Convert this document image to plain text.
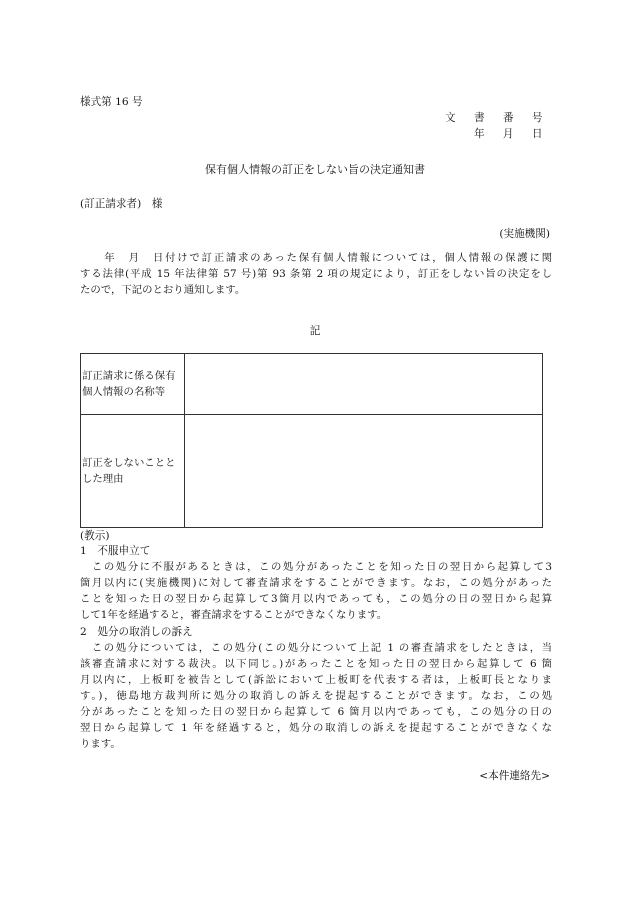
様式第 16 号
文 書 番 号
年 月 日
保有個人情報の訂正をしない旨の決定通知書
(訂正請求者)　様
(実施機関)
　　年　月　日付けで訂正請求のあった保有個人情報については，個人情報の保護に関
する法律(平成 15 年法律第 57 号)第 93 条第 2 項の規定により，訂正をしない旨の決定をし
たので，下記のとおり通知します。
記
訂正請求に係る保有個人情報の名称等	

訂正をしないこととした理由	

(教示)
1　不服申立て
　この処分に不服があるときは，この処分があったことを知った日の翌日から起算して3
箇月以内に(実施機関)に対して審査請求をすることができます。なお，この処分があった
ことを知った日の翌日から起算して3箇月以内であっても，この処分の日の翌日から起算
して1年を経過すると，審査請求をすることができなくなります。
2　処分の取消しの訴え
　この処分については，この処分(この処分について上記 1 の審査請求をしたときは，当
該審査請求に対する裁決。以下同じ。)があったことを知った日の翌日から起算して 6 箇
月以内に，上板町を被告として(訴訟において上板町を代表する者は，上板町長となりま
す。)，徳島地方裁判所に処分の取消しの訴えを提起することができます。なお，この処
分があったことを知った日の翌日から起算して 6 箇月以内であっても，この処分の日の
翌日から起算して 1 年を経過すると，処分の取消しの訴えを提起することができなくな
ります。
<本件連絡先>
